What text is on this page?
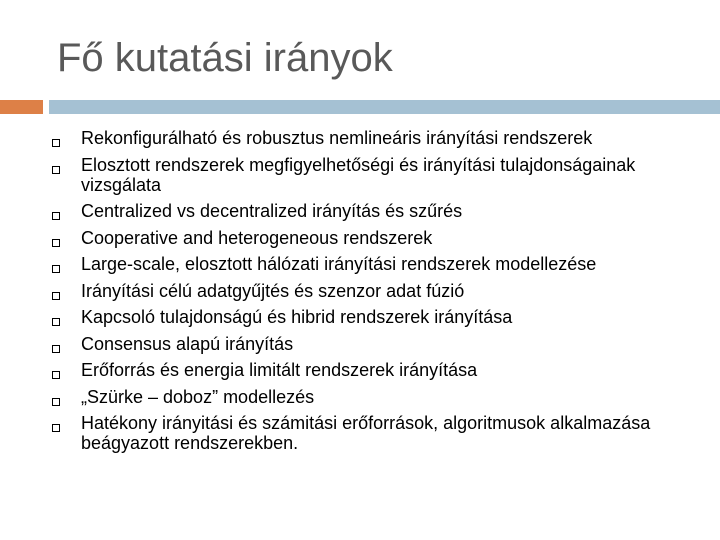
Fő kutatási irányok
Rekonfigurálható és robusztus nemlineáris irányítási rendszerek
Elosztott rendszerek megfigyelhetőségi és irányítási tulajdonságainak vizsgálata
Centralized vs decentralized irányítás és szűrés
Cooperative and heterogeneous rendszerek
Large-scale, elosztott hálózati irányítási rendszerek modellezése
Irányítási célú adatgyűjtés és szenzor adat fúzió
Kapcsoló tulajdonságú és hibrid rendszerek irányítása
Consensus alapú irányítás
Erőforrás és energia limitált rendszerek irányítása
„Szürke – doboz” modellezés
Hatékony irányitási és számitási erőforrások, algoritmusok alkalmazása beágyazott rendszerekben.
